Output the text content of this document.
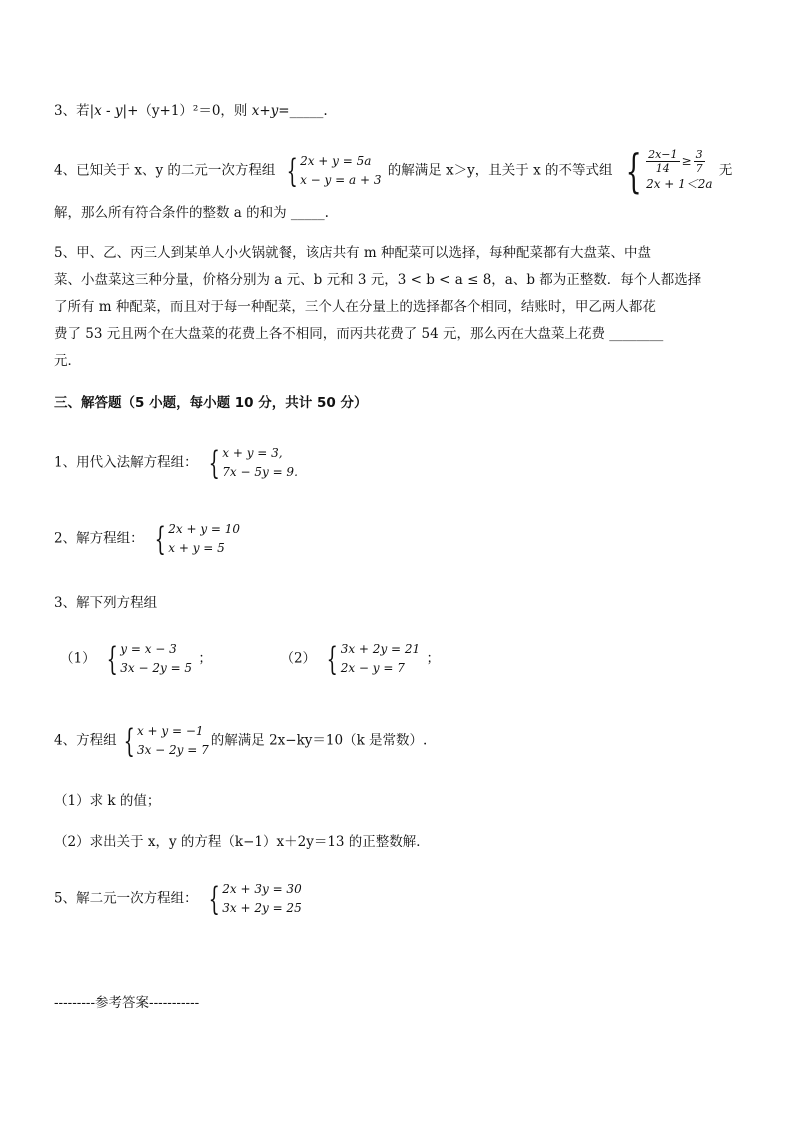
3、若|x - y|+（y+1）²＝0，则 x+y=_____.
4、已知关于 x、y 的二元一次方程组 { 2x + y = 5a
x − y = a + 3
的解满足 x＞y，且关于 x 的不等式组 { $\frac{2x-1}{14} \ge \frac{3}{7}$
2x + 1＜2a
无
解，那么所有符合条件的整数 a 的和为 _____.
5、甲、乙、丙三人到某单人小火锅就餐，该店共有 m 种配菜可以选择，每种配菜都有大盘菜、中盘
菜、小盘菜这三种分量，价格分别为 a 元、b 元和 3 元，3 < b < a ≤ 8，a、b 都为正整数．每个人都选择
了所有 m 种配菜，而且对于每一种配菜，三个人在分量上的选择都各个相同，结账时，甲乙两人都花
费了 53 元且两个在大盘菜的花费上各不相同，而丙共花费了 54 元，那么丙在大盘菜上花费 ________
元．
三、解答题（5 小题，每小题 10 分，共计 50 分）
1、用代入法解方程组： { x + y = 3,
7x − 5y = 9.
2、解方程组： { 2x + y = 10
x + y = 5
3、解下列方程组
（1） { y = x − 3
3x − 2y = 5
；	（2） { 3x + 2y = 21
2x − y = 7
；
4、方程组 { x + y = −1
3x − 2y = 7
的解满足 2x−ky＝10（k 是常数）.
（1）求 k 的值；
（2）求出关于 x，y 的方程（k−1）x＋2y＝13 的正整数解．
5、解二元一次方程组： { 2x + 3y = 30
3x + 2y = 25
---------参考答案-----------
